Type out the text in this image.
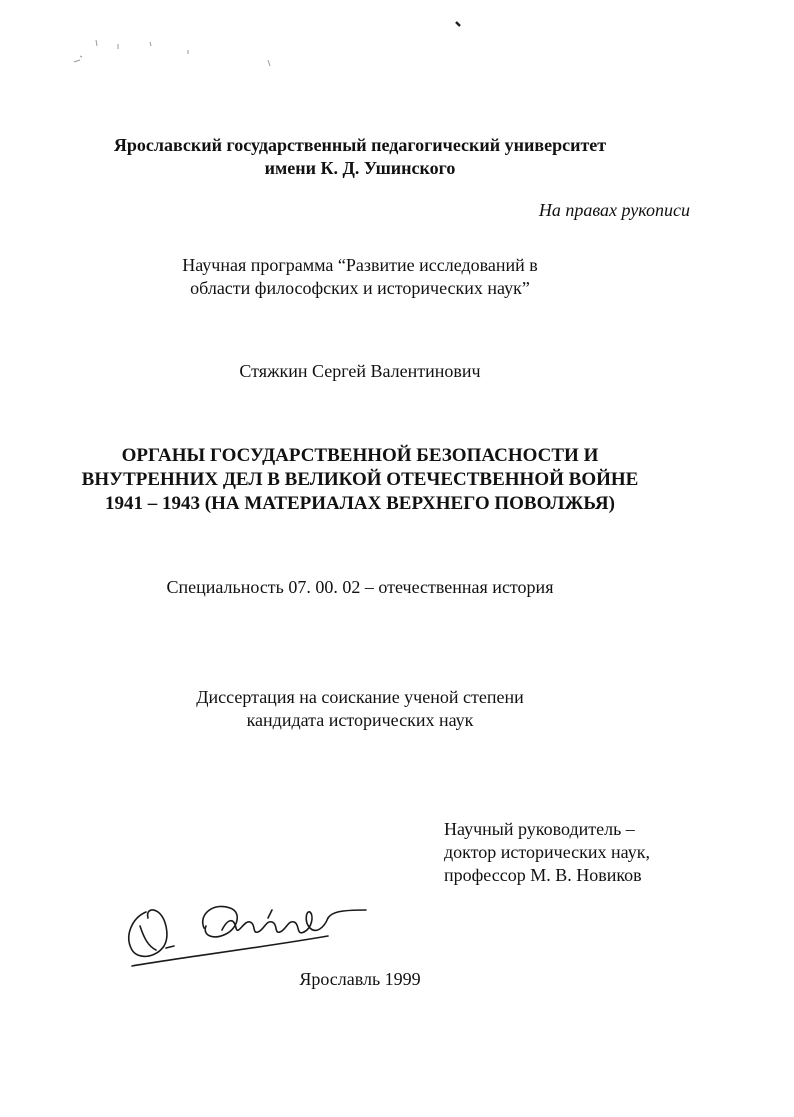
Ярославский государственный педагогический университет
имени К. Д. Ушинского
На правах рукописи
Научная программа “Развитие исследований в
области философских и исторических наук”
Стяжкин Сергей Валентинович
ОРГАНЫ ГОСУДАРСТВЕННОЙ БЕЗОПАСНОСТИ И
ВНУТРЕННИХ ДЕЛ В ВЕЛИКОЙ ОТЕЧЕСТВЕННОЙ ВОЙНЕ
1941 – 1943 (НА МАТЕРИАЛАХ ВЕРХНЕГО ПОВОЛЖЬЯ)
Специальность 07. 00. 02 – отечественная история
Диссертация на соискание ученой степени
кандидата исторических наук
Научный руководитель –
доктор исторических наук,
профессор М. В. Новиков
Ярославль 1999
